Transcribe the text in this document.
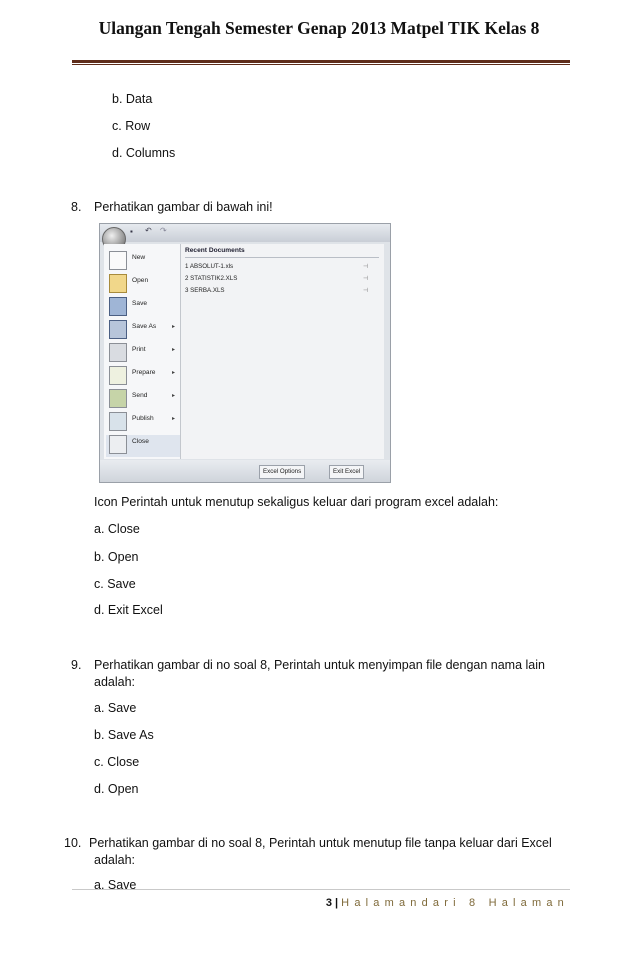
Ulangan Tengah Semester Genap 2013 Matpel TIK Kelas 8
b. Data
c. Row
d. Columns
8. Perhatikan gambar di bawah ini!
▪ ↶ ↷
New
Open
Save
Save As	▸
Print	▸
Prepare	▸
Send	▸
Publish	▸
Close
Recent Documents
1 ABSOLUT-1.xls
2 STATISTIK2.XLS
3 SERBA.XLS
⊣
⊣
⊣
Excel Options	Exit Excel
Icon Perintah untuk menutup sekaligus keluar dari program excel adalah:
a. Close
b. Open
c. Save
d. Exit Excel
9. Perhatikan gambar di no soal 8, Perintah untuk menyimpan file dengan nama lain
adalah:
a. Save
b. Save As
c. Close
d. Open
10. Perhatikan gambar di no soal 8, Perintah untuk menutup file tanpa keluar dari Excel
adalah:
a. Save
3 | Halamandari 8 Halaman
